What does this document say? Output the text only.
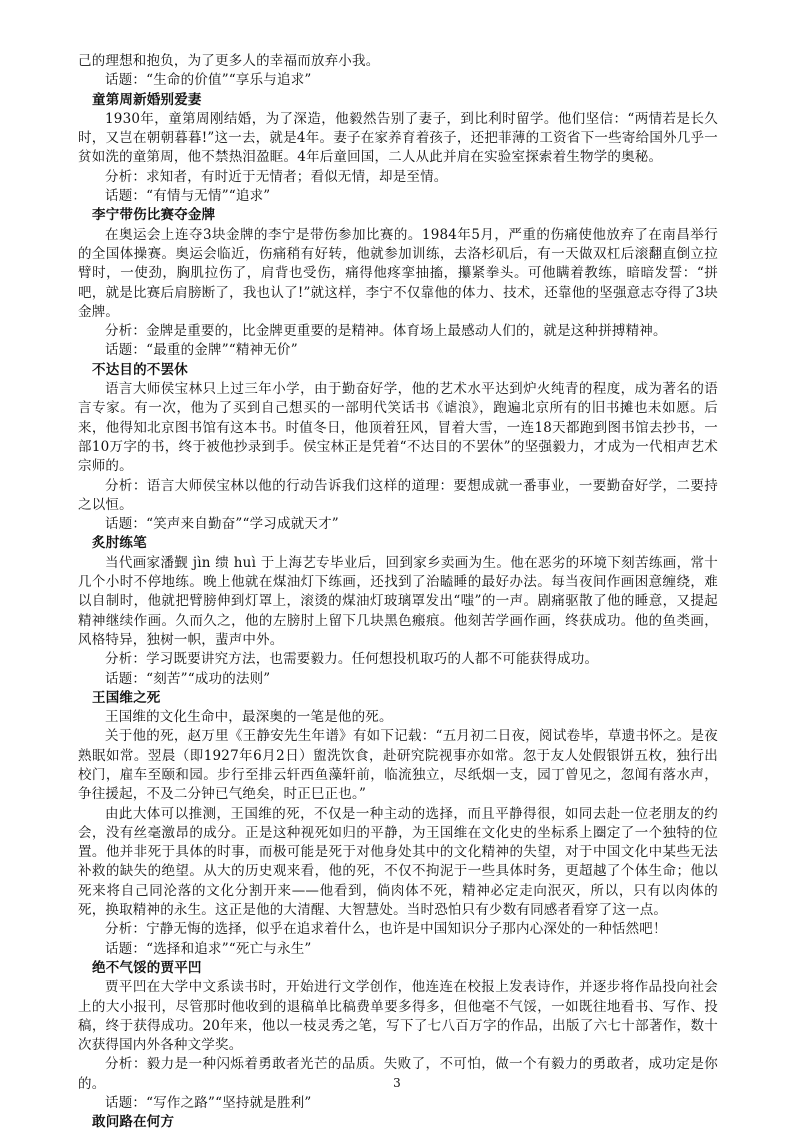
己的理想和抱负，为了更多人的幸福而放弃小我。
话题：“生命的价值”“享乐与追求”
童第周新婚别爱妻
1930年，童第周刚结婚，为了深造，他毅然告别了妻子，到比利时留学。他们坚信：“两情若是长久时，又岂在朝朝暮暮!”这一去，就是4年。妻子在家养育着孩子，还把菲薄的工资省下一些寄给国外几乎一贫如洗的童第周，他不禁热泪盈眶。4年后童回国，二人从此并肩在实验室探索着生物学的奥秘。
分析：求知者，有时近于无情者；看似无情，却是至情。
话题：“有情与无情”“追求”
李宁带伤比赛夺金牌
在奥运会上连夺3块金牌的李宁是带伤参加比赛的。1984年5月，严重的伤痛使他放弃了在南昌举行的全国体操赛。奥运会临近，伤痛稍有好转，他就参加训练，去洛杉矶后，有一天做双杠后滚翻直倒立拉臂时，一使劲，胸肌拉伤了，肩背也受伤，痛得他疼挛抽搐，攥紧拳头。可他瞒着教练，暗暗发誓：“拼吧，就是比赛后肩膀断了，我也认了!”就这样，李宁不仅靠他的体力、技术，还靠他的坚强意志夺得了3块金牌。
分析：金牌是重要的，比金牌更重要的是精神。体育场上最感动人们的，就是这种拼搏精神。
话题：“最重的金牌”“精神无价”
不达目的不罢休
语言大师侯宝林只上过三年小学，由于勤奋好学，他的艺术水平达到炉火纯青的程度，成为著名的语言专家。有一次，他为了买到自己想买的一部明代笑话书《谑浪》，跑遍北京所有的旧书摊也未如愿。后来，他得知北京图书馆有这本书。时值冬日，他顶着狂风，冒着大雪，一连18天都跑到图书馆去抄书，一部10万字的书，终于被他抄录到手。侯宝林正是凭着“不达目的不罢休”的坚强毅力，才成为一代相声艺术宗师的。
分析：语言大师侯宝林以他的行动告诉我们这样的道理：要想成就一番事业，一要勤奋好学，二要持之以恒。
话题：“笑声来自勤奋”“学习成就天才”
炙肘练笔
当代画家潘觐 jìn 缋 huì 于上海艺专毕业后，回到家乡卖画为生。他在恶劣的环境下刻苦练画，常十几个小时不停地练。晚上他就在煤油灯下练画，还找到了治瞌睡的最好办法。每当夜间作画困意缠绕，难以自制时，他就把臂膀伸到灯罩上，滚烫的煤油灯玻璃罩发出“嗤”的一声。剧痛驱散了他的睡意，又提起精神继续作画。久而久之，他的左膀肘上留下几块黑色瘢痕。他刻苦学画作画，终获成功。他的鱼类画，风格特异，独树一帜，蜚声中外。
分析：学习既要讲究方法，也需要毅力。任何想投机取巧的人都不可能获得成功。
话题：“刻苦”“成功的法则”
王国维之死
王国维的文化生命中，最深奥的一笔是他的死。
关于他的死，赵万里《王静安先生年谱》有如下记载：“五月初二日夜，阅试卷毕，草遗书怀之。是夜熟眠如常。翌晨（即1927年6月2日）盥洗饮食，赴研究院视事亦如常。忽于友人处假银饼五枚，独行出校门，雇车至颐和园。步行至排云轩西鱼藻轩前，临流独立，尽纸烟一支，园丁曾见之，忽闻有落水声，争往援起，不及二分钟已气绝矣，时正巳正也。”
由此大体可以推测，王国维的死，不仅是一种主动的选择，而且平静得很，如同去赴一位老朋友的约会，没有丝毫激昂的成分。正是这种视死如归的平静，为王国维在文化史的坐标系上圈定了一个独特的位置。他并非死于具体的时事，而极可能是死于对他身处其中的文化精神的失望，对于中国文化中某些无法补救的缺失的绝望。从大的历史观来看，他的死，不仅不拘泥于一些具体时务，更超越了个体生命；他以死来将自己同沦落的文化分割开来——他看到，倘肉体不死，精神必定走向泯灭，所以，只有以肉体的死，换取精神的永生。这正是他的大清醒、大智慧处。当时恐怕只有少数有同感者看穿了这一点。
分析：宁静无悔的选择，似乎在追求着什么，也许是中国知识分子那内心深处的一种恬然吧！
话题：“选择和追求”“死亡与永生”
绝不气馁的贾平凹
贾平凹在大学中文系读书时，开始进行文学创作，他连连在校报上发表诗作，并逐步将作品投向社会上的大小报刊，尽管那时他收到的退稿单比稿费单要多得多，但他毫不气馁，一如既往地看书、写作、投稿，终于获得成功。20年来，他以一枝灵秀之笔，写下了七八百万字的作品，出版了六七十部著作，数十次获得国内外各种文学奖。
分析：毅力是一种闪烁着勇敢者光芒的品质。失败了，不可怕，做一个有毅力的勇敢者，成功定是你的。
话题：“写作之路”“坚持就是胜利”
敢问路在何方
3
